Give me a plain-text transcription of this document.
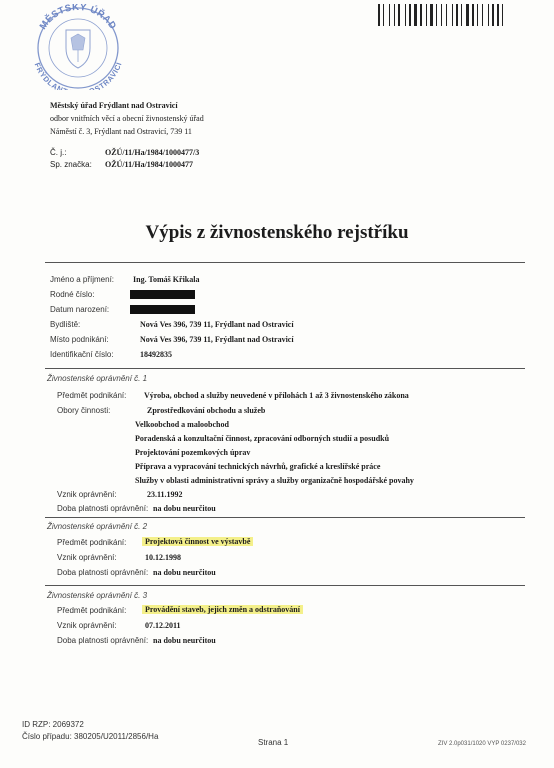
MĚSTSKÝ ÚŘAD
FRÝDLAN STRAVICÍ
Městský úřad Frýdlant nad Ostravicí
odbor vnitřních věcí a obecní živnostenský úřad
Náměstí č. 3, Frýdlant nad Ostravicí, 739 11
Č. j.:	OŽÚ/11/Ha/1984/1000477/3
Sp. značka:	OŽÚ/11/Ha/1984/1000477
Výpis z živnostenského rejstříku
Jméno a příjmení: Ing. Tomáš Křikala
Rodné číslo:
Datum narození:
Bydliště:	Nová Ves 396, 739 11, Frýdlant nad Ostravicí
Místo podnikání:	Nová Ves 396, 739 11, Frýdlant nad Ostravicí
Identifikační číslo:	18492835
Živnostenské oprávnění č. 1
Předmět podnikání: Výroba, obchod a služby neuvedené v přílohách 1 až 3 živnostenského zákona
Obory činnosti:	Zprostředkování obchodu a služeb
Velkoobchod a maloobchod
Poradenská a konzultační činnost, zpracování odborných studií a posudků
Projektování pozemkových úprav
Příprava a vypracování technických návrhů, grafické a kreslířské práce
Služby v oblasti administrativní správy a služby organizačně hospodářské povahy
Vznik oprávnění:	23.11.1992
Doba platnosti oprávnění: na dobu neurčitou
Živnostenské oprávnění č. 2
Předmět podnikání:	Projektová činnost ve výstavbě
Vznik oprávnění:	10.12.1998
Doba platnosti oprávnění: na dobu neurčitou
Živnostenské oprávnění č. 3
Předmět podnikání:	Provádění staveb, jejich změn a odstraňování
Vznik oprávnění:	07.12.2011
Doba platnosti oprávnění: na dobu neurčitou
ID RZP: 2069372
Číslo případu: 380205/U2011/2856/Ha
Strana 1	ZIV 2.0p031/1020 VYP 0237/032
